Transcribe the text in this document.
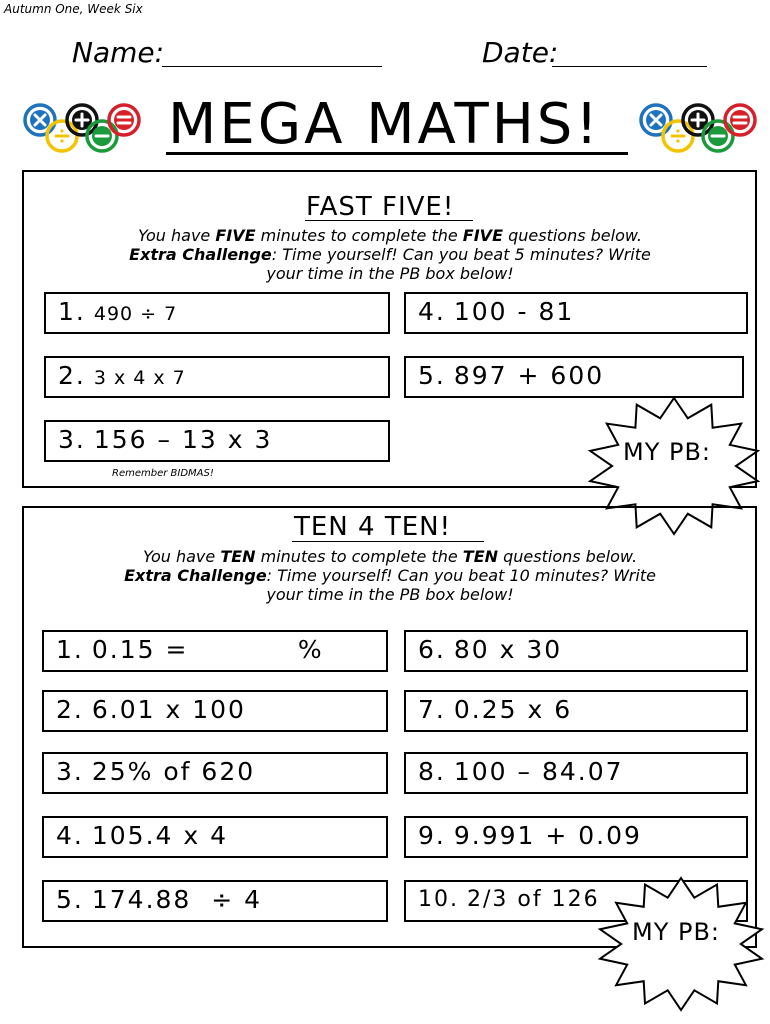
Autumn One, Week Six
Name:	Date:
MEGA MATHS!
FAST FIVE!
You have FIVE minutes to complete the FIVE questions below.
Extra Challenge: Time yourself! Can you beat 5 minutes? Write
your time in the PB box below!
1. 490 ÷ 7
2. 3 x 4 x 7
3. 156 – 13 x 3
4. 100 - 81
5. 897 + 600
Remember BIDMAS!
MY PB:
TEN 4 TEN!
You have TEN minutes to complete the TEN questions below.
Extra Challenge: Time yourself! Can you beat 10 minutes? Write
your time in the PB box below!
1. 0.15 =           %
2. 6.01 x 100
3. 25% of 620
4. 105.4 x 4
5. 174.88  ÷ 4
6. 80 x 30
7. 0.25 x 6
8. 100 – 84.07
9. 9.991 + 0.09
10. 2/3 of 126
MY PB:
